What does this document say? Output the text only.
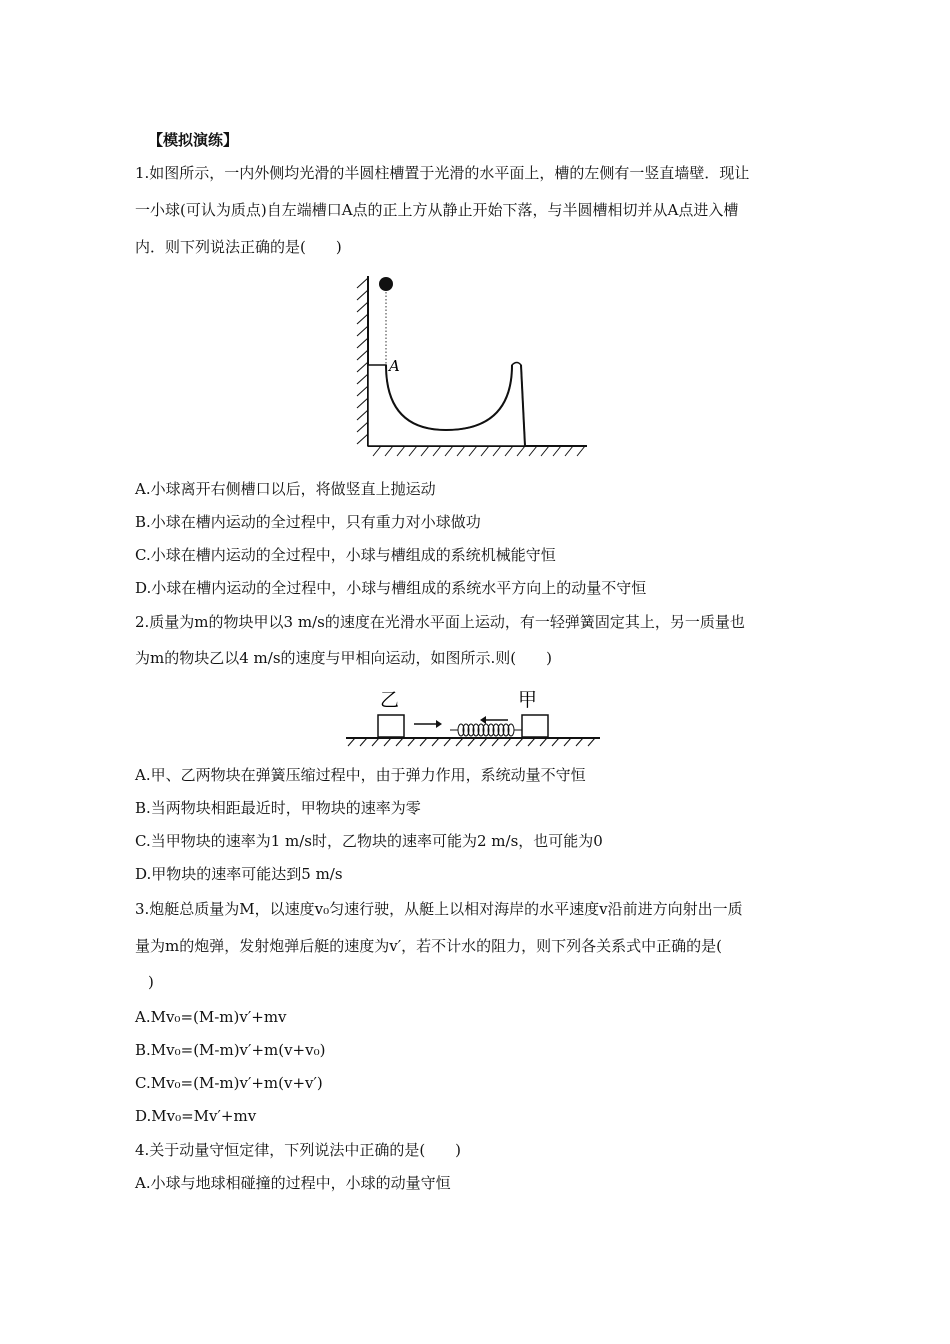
【模拟演练】
1.如图所示，一内外侧均光滑的半圆柱槽置于光滑的水平面上，槽的左侧有一竖直墙壁．现让
一小球(可认为质点)自左端槽口A点的正上方从静止开始下落，与半圆槽相切并从A点进入槽
内．则下列说法正确的是(　　)
A
A.小球离开右侧槽口以后，将做竖直上抛运动
B.小球在槽内运动的全过程中，只有重力对小球做功
C.小球在槽内运动的全过程中，小球与槽组成的系统机械能守恒
D.小球在槽内运动的全过程中，小球与槽组成的系统水平方向上的动量不守恒
2.质量为m的物块甲以3 m/s的速度在光滑水平面上运动，有一轻弹簧固定其上，另一质量也
为m的物块乙以4 m/s的速度与甲相向运动，如图所示.则(　　)
乙	甲
A.甲、乙两物块在弹簧压缩过程中，由于弹力作用，系统动量不守恒
B.当两物块相距最近时，甲物块的速率为零
C.当甲物块的速率为1 m/s时，乙物块的速率可能为2 m/s，也可能为0
D.甲物块的速率可能达到5 m/s
3.炮艇总质量为M，以速度v₀匀速行驶，从艇上以相对海岸的水平速度v沿前进方向射出一质
量为m的炮弹，发射炮弹后艇的速度为v′，若不计水的阻力，则下列各关系式中正确的是(
)
A.Mv₀=(M-m)v′+mv
B.Mv₀=(M-m)v′+m(v+v₀)
C.Mv₀=(M-m)v′+m(v+v′)
D.Mv₀=Mv′+mv
4.关于动量守恒定律，下列说法中正确的是(　　)
A.小球与地球相碰撞的过程中，小球的动量守恒
